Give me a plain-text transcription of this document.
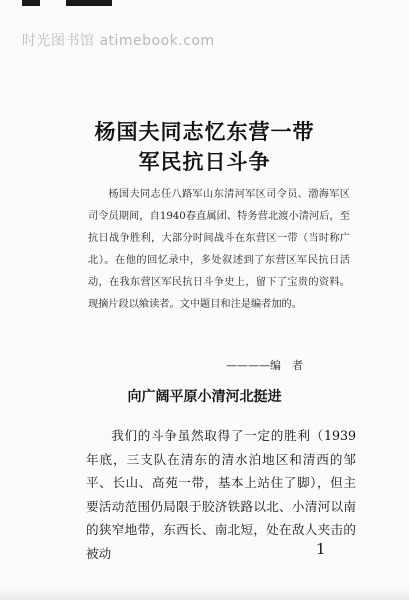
时光图书馆 atimebook.com
杨国夫同志忆东营一带
军民抗日斗争

杨国夫同志任八路军山东清河军区司令员、渤海军区司令员期间，自1940春直属团、特务营北渡小清河后，至抗日战争胜利，大部分时间战斗在东营区一带（当时称广北）。在他的回忆录中，多处叙述到了东营区军民抗日活动，在我东营区军民抗日斗争史上，留下了宝贵的资料。现摘片段以飨读者。文中题目和注是编者加的。

————编　者
向广阔平原小清河北挺进

我们的斗争虽然取得了一定的胜利（1939年底，三支队在清东的清水泊地区和清西的邹平、长山、高苑一带，基本上站住了脚），但主要活动范围仍局限于胶济铁路以北、小清河以南的狭窄地带，东西长、南北短，处在敌人夹击的被动	1
